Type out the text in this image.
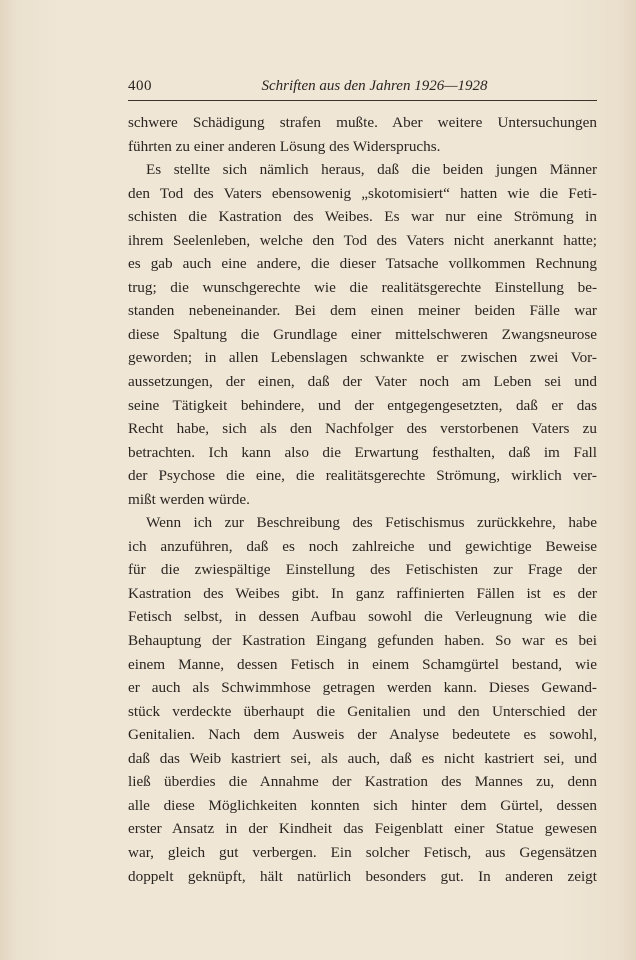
400	Schriften aus den Jahren 1926—1928

schwere Schädigung strafen mußte. Aber weitere Untersuchungen
führten zu einer anderen Lösung des Widerspruchs.

Es stellte sich nämlich heraus, daß die beiden jungen Männer
den Tod des Vaters ebensowenig „skotomisiert“ hatten wie die Feti-
schisten die Kastration des Weibes. Es war nur eine Strömung in
ihrem Seelenleben, welche den Tod des Vaters nicht anerkannt hatte;
es gab auch eine andere, die dieser Tatsache vollkommen Rechnung
trug; die wunschgerechte wie die realitätsgerechte Einstellung be-
standen nebeneinander. Bei dem einen meiner beiden Fälle war
diese Spaltung die Grundlage einer mittelschweren Zwangsneurose
geworden; in allen Lebenslagen schwankte er zwischen zwei Vor-
aussetzungen, der einen, daß der Vater noch am Leben sei und
seine Tätigkeit behindere, und der entgegengesetzten, daß er das
Recht habe, sich als den Nachfolger des verstorbenen Vaters zu
betrachten. Ich kann also die Erwartung festhalten, daß im Fall
der Psychose die eine, die realitätsgerechte Strömung, wirklich ver-
mißt werden würde.

Wenn ich zur Beschreibung des Fetischismus zurückkehre, habe
ich anzuführen, daß es noch zahlreiche und gewichtige Beweise
für die zwiespältige Einstellung des Fetischisten zur Frage der
Kastration des Weibes gibt. In ganz raffinierten Fällen ist es der
Fetisch selbst, in dessen Aufbau sowohl die Verleugnung wie die
Behauptung der Kastration Eingang gefunden haben. So war es bei
einem Manne, dessen Fetisch in einem Schamgürtel bestand, wie
er auch als Schwimmhose getragen werden kann. Dieses Gewand-
stück verdeckte überhaupt die Genitalien und den Unterschied der
Genitalien. Nach dem Ausweis der Analyse bedeutete es sowohl,
daß das Weib kastriert sei, als auch, daß es nicht kastriert sei, und
ließ überdies die Annahme der Kastration des Mannes zu, denn
alle diese Möglichkeiten konnten sich hinter dem Gürtel, dessen
erster Ansatz in der Kindheit das Feigenblatt einer Statue gewesen
war, gleich gut verbergen. Ein solcher Fetisch, aus Gegensätzen
doppelt geknüpft, hält natürlich besonders gut. In anderen zeigt
